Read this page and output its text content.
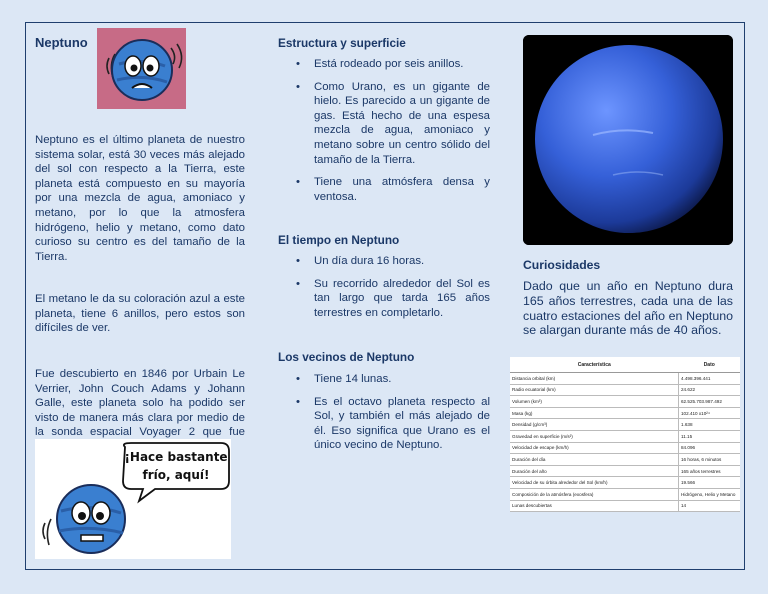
Neptuno

Neptuno es el último planeta de nuestro sistema solar, está 30 veces más alejado del sol con respecto a la Tierra, este planeta está compuesto en su mayoría por una mezcla de agua, amoniaco y metano, por lo que la atmosfera hidrógeno, helio y metano, como dato curioso su centro es del tamaño de la Tierra.

El metano le da su coloración azul a este planeta, tiene 6 anillos, pero estos son difíciles de ver.

Fue descubierto en 1846 por Urbain Le Verrier, John Couch Adams y Johann Galle, este planeta solo ha podido ser visto de manera más clara por medio de la sonda espacial Voyager 2 que fue

¡Hace bastante
frío, aquí!
Estructura y superficie
• Está rodeado por seis anillos.
• Como Urano, es un gigante de hielo. Es parecido a un gigante de gas. Está hecho de una espesa mezcla de agua, amoniaco y metano sobre un centro sólido del tamaño de la Tierra.
• Tiene una atmósfera densa y ventosa.
El tiempo en Neptuno
• Un día dura 16 horas.
• Su recorrido alrededor del Sol es tan largo que tarda 165 años terrestres en completarlo.
Los vecinos de Neptuno
• Tiene 14 lunas.
• Es el octavo planeta respecto al Sol, y también el más alejado de él. Eso significa que Urano es el único vecino de Neptuno.
Curiosidades

Dado que un año en Neptuno dura 165 años terrestres, cada una de las cuatro estaciones del año en Neptuno se alargan durante más de 40 años.

Característica	Dato
Distancia orbital (km)	4.498.396.441
Radio ecuatorial (km)	24.622
Volumen (km³)	62.525.703.987.492
Masa (kg)	102.410 x10²⁴
Densidad (g/cm³)	1.638
Gravedad en superficie (m/s²)	11.15
Velocidad de escape (km/h)	84.096
Duración del día	16 horas, 6 minutos
Duración del año	165 años terrestres
Velocidad de su órbita alrededor del Sol (km/h)	19.566
Composición de la atmósfera (exosfera)	Hidrógeno, Helio y Metano
Lunas descubiertas	14
